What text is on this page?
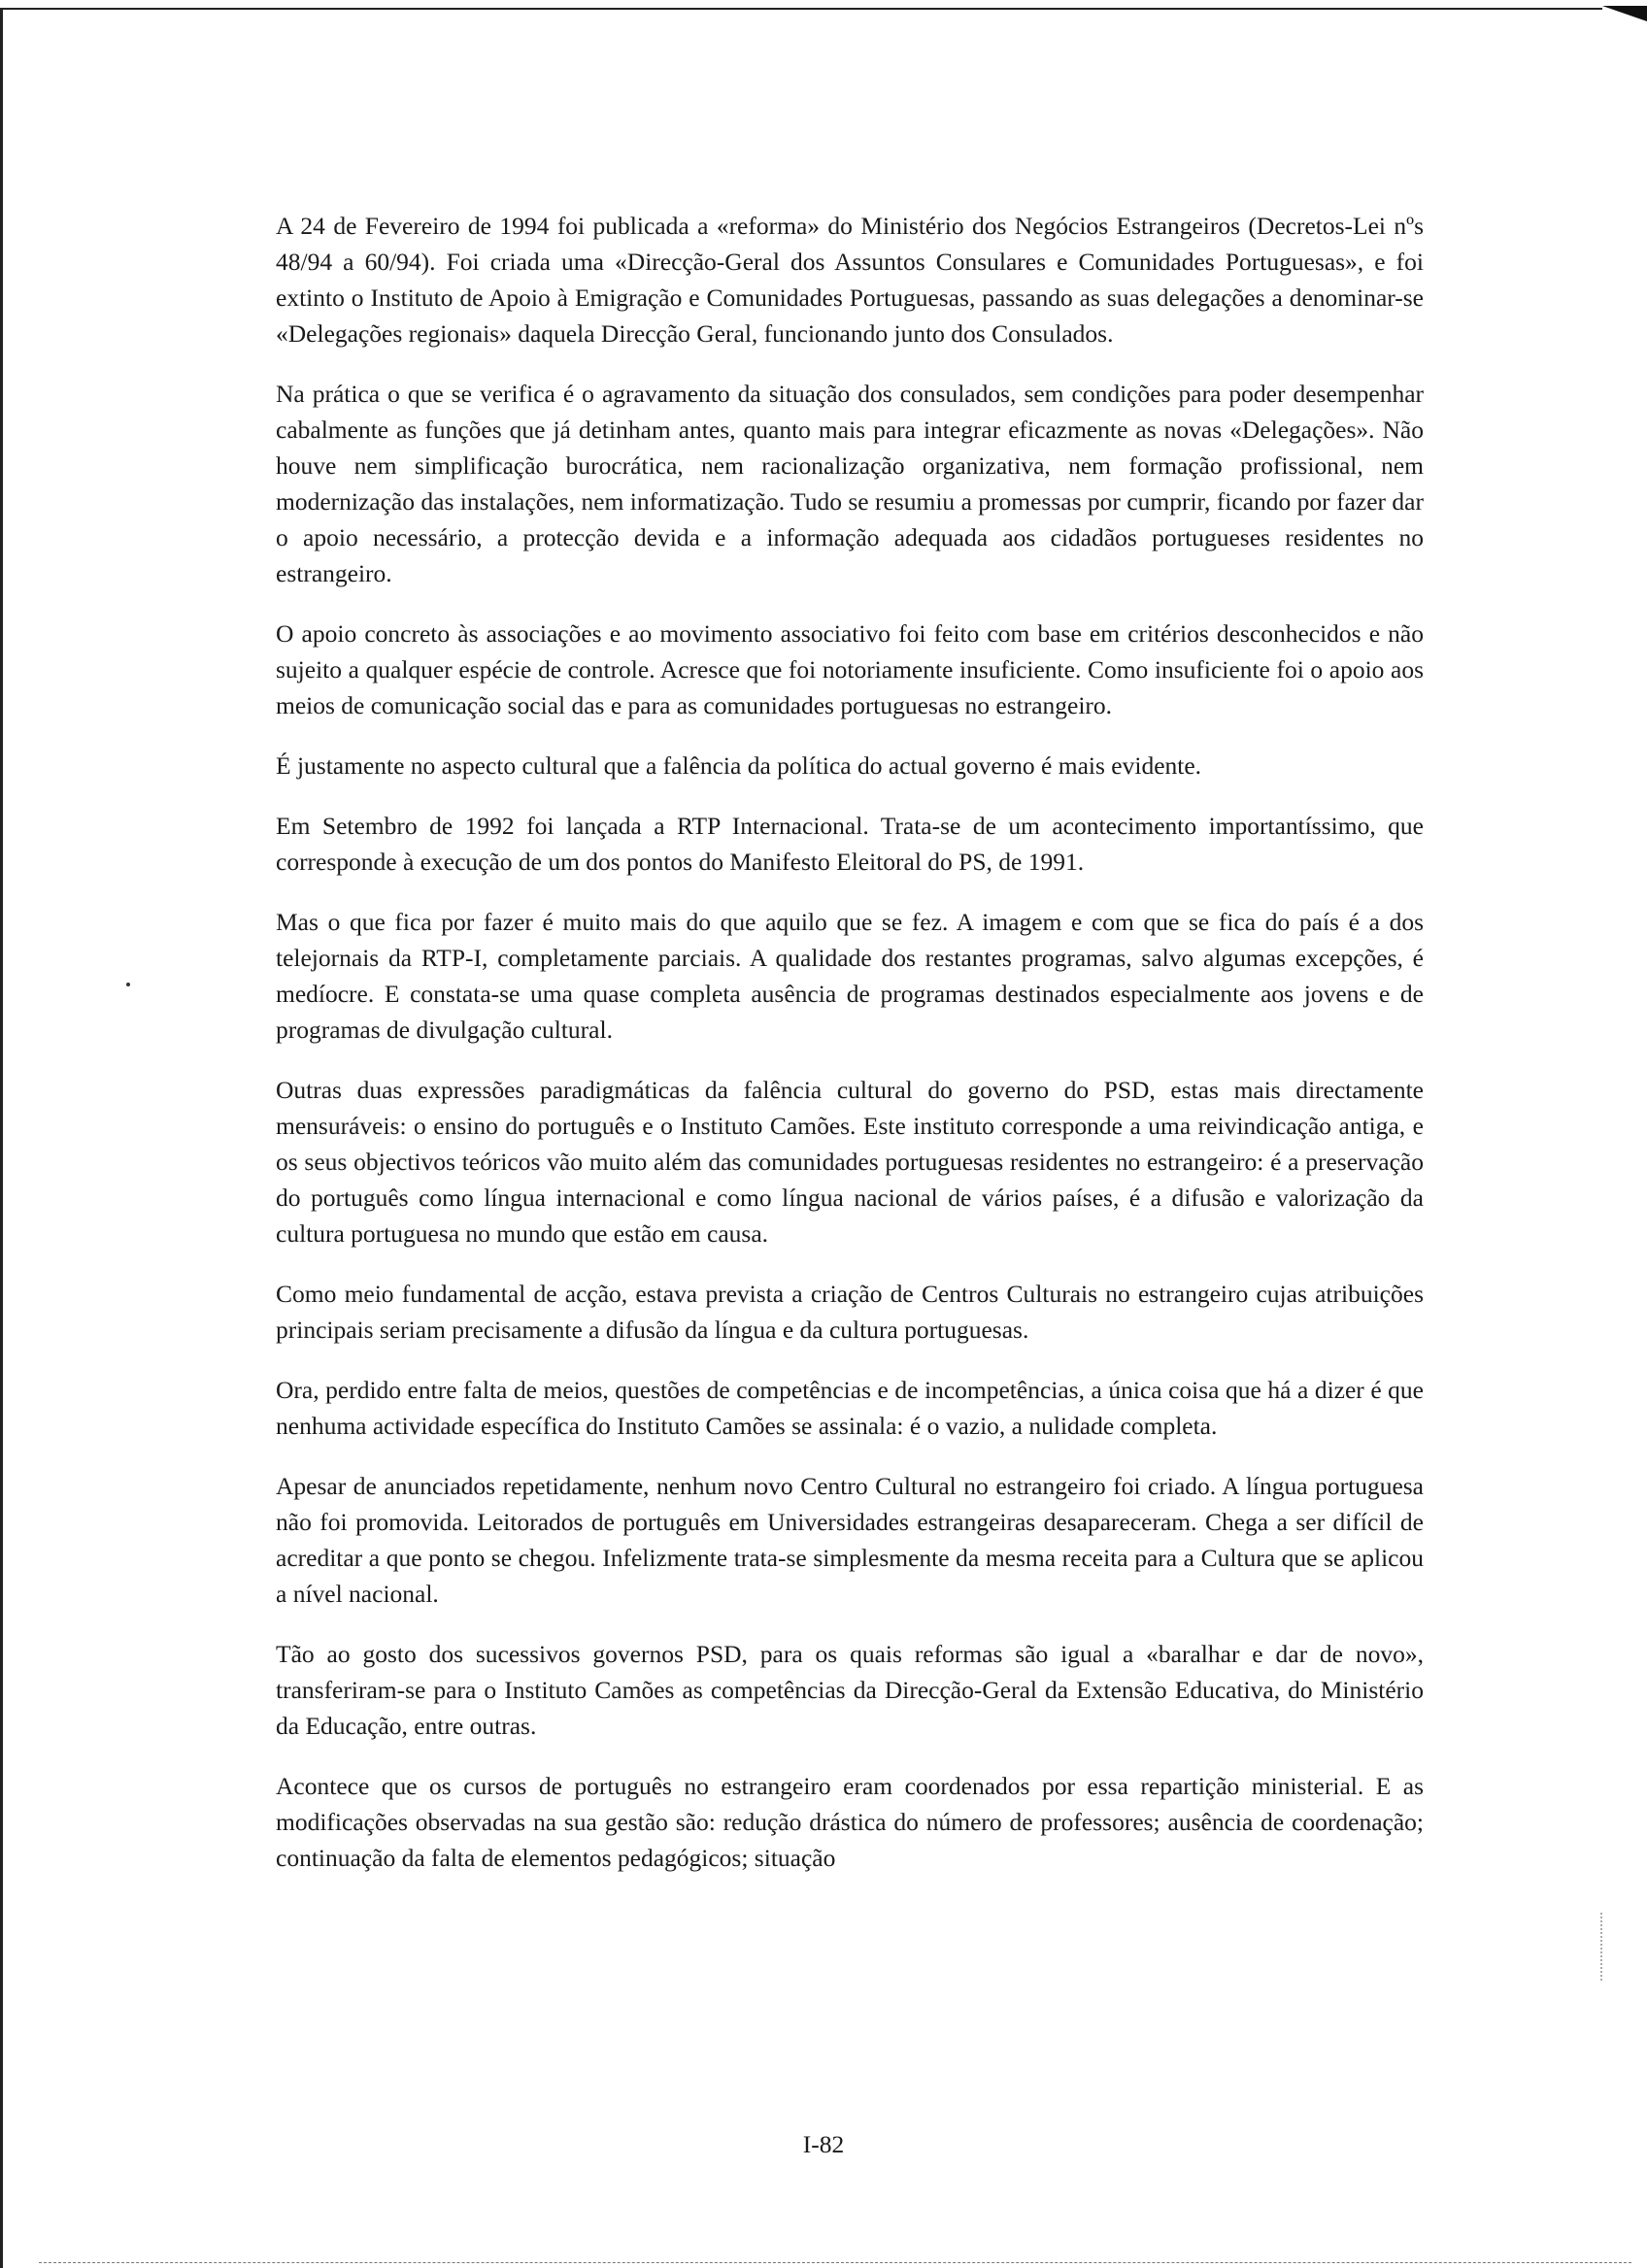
A 24 de Fevereiro de 1994 foi publicada a «reforma» do Ministério dos Negócios Estrangeiros (Decretos-Lei nºs 48/94 a 60/94). Foi criada uma «Direcção-Geral dos Assuntos Consulares e Comunidades Portuguesas», e foi extinto o Instituto de Apoio à Emigração e Comunidades Portuguesas, passando as suas delegações a denominar-se «Delegações regionais» daquela Direcção Geral, funcionando junto dos Consulados.

Na prática o que se verifica é o agravamento da situação dos consulados, sem condições para poder desempenhar cabalmente as funções que já detinham antes, quanto mais para integrar eficazmente as novas «Delegações». Não houve nem simplificação burocrática, nem racionalização organizativa, nem formação profissional, nem modernização das instalações, nem informatização. Tudo se resumiu a promessas por cumprir, ficando por fazer dar o apoio necessário, a protecção devida e a informação adequada aos cidadãos portugueses residentes no estrangeiro.

O apoio concreto às associações e ao movimento associativo foi feito com base em critérios desconhecidos e não sujeito a qualquer espécie de controle. Acresce que foi notoriamente insuficiente. Como insuficiente foi o apoio aos meios de comunicação social das e para as comunidades portuguesas no estrangeiro.

É justamente no aspecto cultural que a falência da política do actual governo é mais evidente.

Em Setembro de 1992 foi lançada a RTP Internacional. Trata-se de um acontecimento importantíssimo, que corresponde à execução de um dos pontos do Manifesto Eleitoral do PS, de 1991.

Mas o que fica por fazer é muito mais do que aquilo que se fez. A imagem e com que se fica do país é a dos telejornais da RTP-I, completamente parciais. A qualidade dos restantes programas, salvo algumas excepções, é medíocre. E constata-se uma quase completa ausência de programas destinados especialmente aos jovens e de programas de divulgação cultural.

Outras duas expressões paradigmáticas da falência cultural do governo do PSD, estas mais directamente mensuráveis: o ensino do português e o Instituto Camões. Este instituto corresponde a uma reivindicação antiga, e os seus objectivos teóricos vão muito além das comunidades portuguesas residentes no estrangeiro: é a preservação do português como língua internacional e como língua nacional de vários países, é a difusão e valorização da cultura portuguesa no mundo que estão em causa.

Como meio fundamental de acção, estava prevista a criação de Centros Culturais no estrangeiro cujas atribuições principais seriam precisamente a difusão da língua e da cultura portuguesas.

Ora, perdido entre falta de meios, questões de competências e de incompetências, a única coisa que há a dizer é que nenhuma actividade específica do Instituto Camões se assinala: é o vazio, a nulidade completa.

Apesar de anunciados repetidamente, nenhum novo Centro Cultural no estrangeiro foi criado. A língua portuguesa não foi promovida. Leitorados de português em Universidades estrangeiras desapareceram. Chega a ser difícil de acreditar a que ponto se chegou. Infelizmente trata-se simplesmente da mesma receita para a Cultura que se aplicou a nível nacional.

Tão ao gosto dos sucessivos governos PSD, para os quais reformas são igual a «baralhar e dar de novo», transferiram-se para o Instituto Camões as competências da Direcção-Geral da Extensão Educativa, do Ministério da Educação, entre outras.

Acontece que os cursos de português no estrangeiro eram coordenados por essa repartição ministerial. E as modificações observadas na sua gestão são: redução drástica do número de professores; ausência de coordenação; continuação da falta de elementos pedagógicos; situação

I-82
